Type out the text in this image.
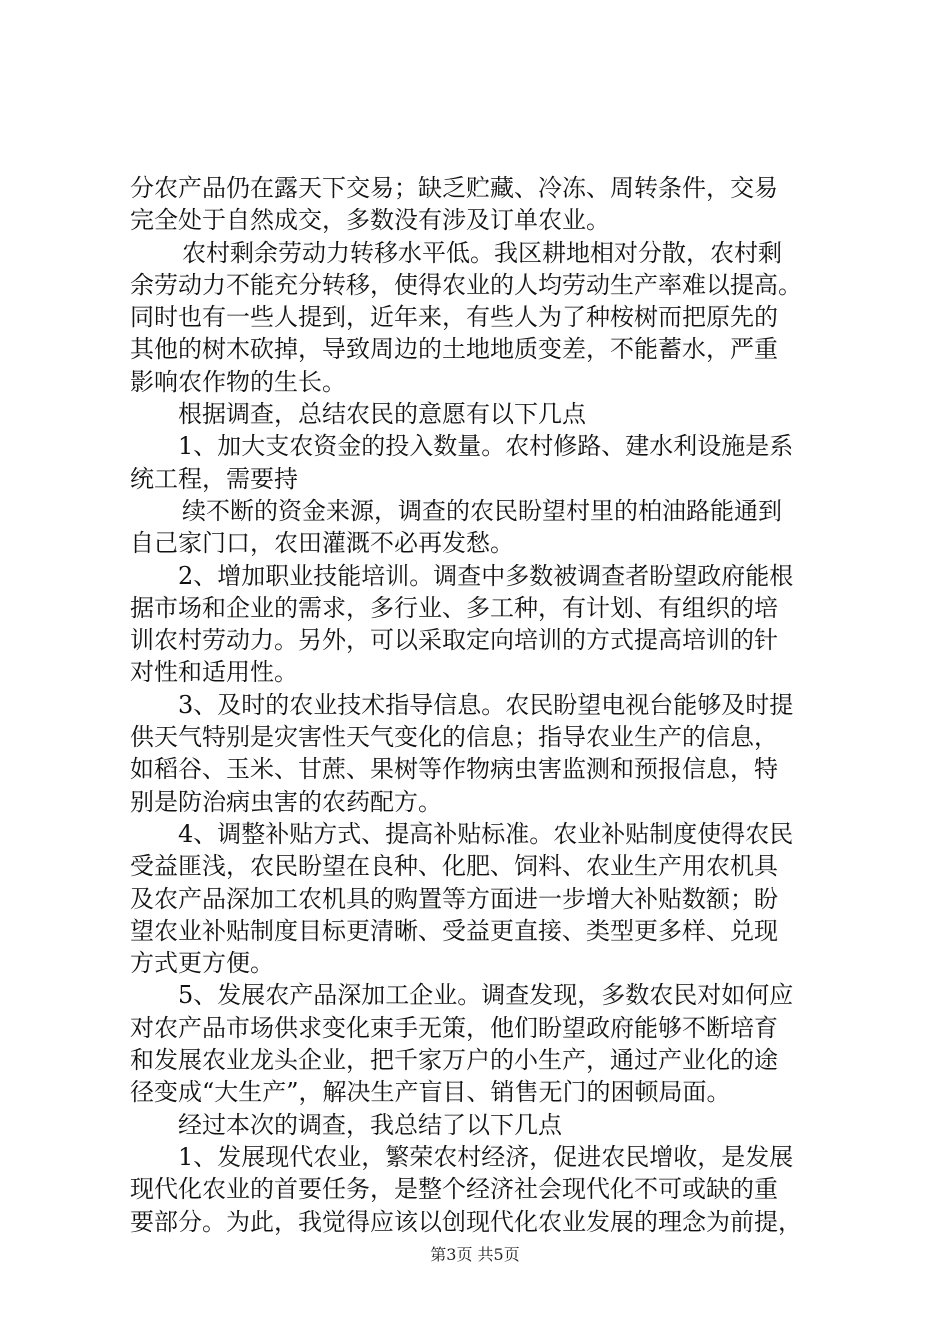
分农产品仍在露天下交易；缺乏贮藏、冷冻、周转条件，交易
完全处于自然成交，多数没有涉及订单农业。
农村剩余劳动力转移水平低。我区耕地相对分散，农村剩
余劳动力不能充分转移，使得农业的人均劳动生产率难以提高。
同时也有一些人提到，近年来，有些人为了种桉树而把原先的
其他的树木砍掉，导致周边的土地地质变差，不能蓄水，严重
影响农作物的生长。
根据调查，总结农民的意愿有以下几点
1、加大支农资金的投入数量。农村修路、建水利设施是系
统工程，需要持
续不断的资金来源，调查的农民盼望村里的柏油路能通到
自己家门口，农田灌溉不必再发愁。
2、增加职业技能培训。调查中多数被调查者盼望政府能根
据市场和企业的需求，多行业、多工种，有计划、有组织的培
训农村劳动力。另外，可以采取定向培训的方式提高培训的针
对性和适用性。
3、及时的农业技术指导信息。农民盼望电视台能够及时提
供天气特别是灾害性天气变化的信息；指导农业生产的信息，
如稻谷、玉米、甘蔗、果树等作物病虫害监测和预报信息，特
别是防治病虫害的农药配方。
4、调整补贴方式、提高补贴标准。农业补贴制度使得农民
受益匪浅，农民盼望在良种、化肥、饲料、农业生产用农机具
及农产品深加工农机具的购置等方面进一步增大补贴数额；盼
望农业补贴制度目标更清晰、受益更直接、类型更多样、兑现
方式更方便。
5、发展农产品深加工企业。调查发现，多数农民对如何应
对农产品市场供求变化束手无策，他们盼望政府能够不断培育
和发展农业龙头企业，把千家万户的小生产，通过产业化的途
径变成“大生产”，解决生产盲目、销售无门的困顿局面。
经过本次的调查，我总结了以下几点
1、发展现代农业，繁荣农村经济，促进农民增收，是发展
现代化农业的首要任务，是整个经济社会现代化不可或缺的重
要部分。为此，我觉得应该以创现代化农业发展的理念为前提，
第3页 共5页
